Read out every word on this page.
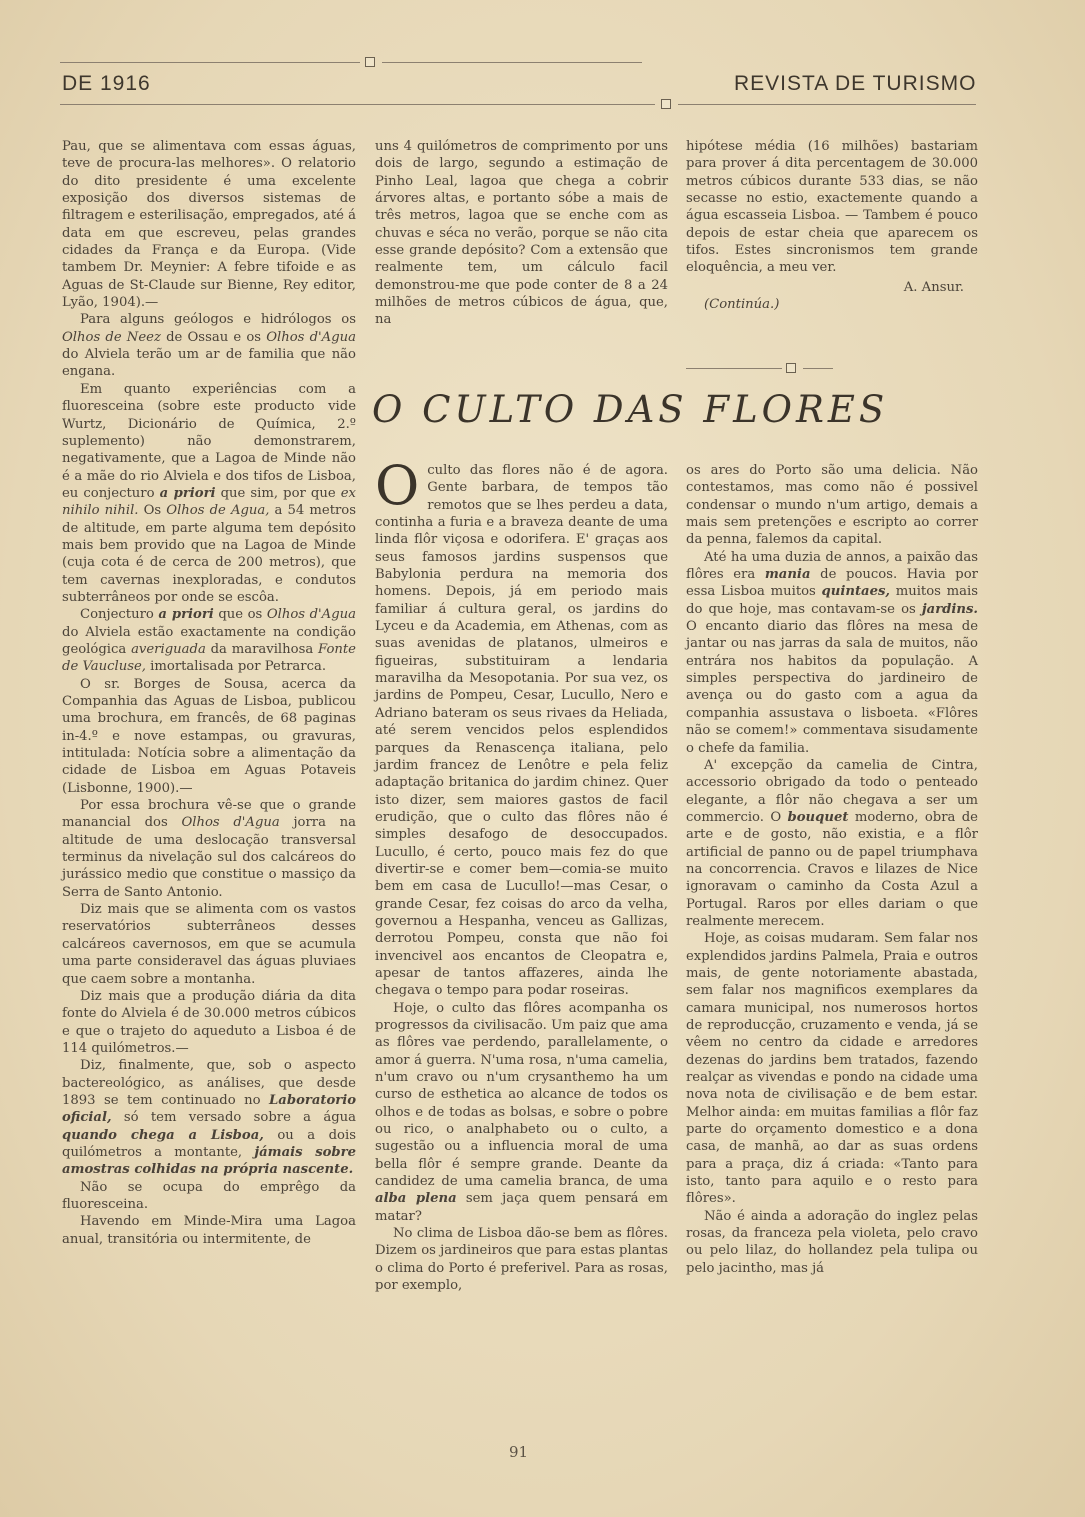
DE 1916	REVISTA DE TURISMO

Pau, que se alimentava com essas águas, teve de procura-las melhores». O relatorio do dito presidente é uma excelente exposição dos diversos sistemas de filtragem e esterilisação, empregados, até á data em que escreveu, pelas grandes cidades da França e da Europa. (Vide tambem Dr. Meynier: A febre tifoide e as Aguas de St-Claude sur Bienne, Rey editor, Lyão, 1904).—

Para alguns geólogos e hidrólogos os Olhos de Neez de Ossau e os Olhos d'Agua do Alviela terão um ar de familia que não engana.

Em quanto experiências com a fluoresceina (sobre este producto vide Wurtz, Dicionário de Química, 2.º suplemento) não demonstrarem, negativamente, que a Lagoa de Minde não é a mãe do rio Alviela e dos tifos de Lisboa, eu conjecturo a priori que sim, por que ex nihilo nihil. Os Olhos de Agua, a 54 metros de altitude, em parte alguma tem depósito mais bem provido que na Lagoa de Minde (cuja cota é de cerca de 200 metros), que tem cavernas inexploradas, e condutos subterrâneos por onde se escôa.

Conjecturo a priori que os Olhos d'Agua do Alviela estão exactamente na condição geológica averiguada da maravilhosa Fonte de Vaucluse, imortalisada por Petrarca.

O sr. Borges de Sousa, acerca da Companhia das Aguas de Lisboa, publicou uma brochura, em francês, de 68 paginas in-4.º e nove estampas, ou gravuras, intitulada: Notícia sobre a alimentação da cidade de Lisboa em Aguas Potaveis (Lisbonne, 1900).—

Por essa brochura vê-se que o grande manancial dos Olhos d'Agua jorra na altitude de uma deslocação transversal terminus da nivelação sul dos calcáreos do jurássico medio que constitue o massiço da Serra de Santo Antonio.

Diz mais que se alimenta com os vastos reservatórios subterrâneos desses calcáreos cavernosos, em que se acumula uma parte consideravel das águas pluviaes que caem sobre a montanha.

Diz mais que a produção diária da dita fonte do Alviela é de 30.000 metros cúbicos e que o trajeto do aqueduto a Lisboa é de 114 quilómetros.—

Diz, finalmente, que, sob o aspecto bactereológico, as análises, que desde 1893 se tem continuado no Laboratorio oficial, só tem versado sobre a água quando chega a Lisboa, ou a dois quilómetros a montante, jámais sobre amostras colhidas na própria nascente.

Não se ocupa do emprêgo da fluoresceina.

Havendo em Minde-Mira uma Lagoa anual, transitória ou intermitente, de

uns 4 quilómetros de comprimento por uns dois de largo, segundo a estimação de Pinho Leal, lagoa que chega a cobrir árvores altas, e portanto sóbe a mais de três metros, lagoa que se enche com as chuvas e séca no verão, porque se não cita esse grande depósito? Com a extensão que realmente tem, um cálculo facil demonstrou-me que pode conter de 8 a 24 milhões de metros cúbicos de água, que, na

hipótese média (16 milhões) bastariam para prover á dita percentagem de 30.000 metros cúbicos durante 533 dias, se não secasse no estio, exactemente quando a água escasseia Lisboa. — Tambem é pouco depois de estar cheia que aparecem os tifos. Estes sincronismos tem grande eloquência, a meu ver.

A. Ansur.

(Continúa.)

O CULTO DAS FLORES

Oculto das flores não é de agora. Gente barbara, de tempos tão remotos que se lhes perdeu a data, continha a furia e a braveza deante de uma linda flôr viçosa e odorifera. E' graças aos seus famosos jardins suspensos que Babylonia perdura na memoria dos homens. Depois, já em periodo mais familiar á cultura geral, os jardins do Lyceu e da Academia, em Athenas, com as suas avenidas de platanos, ulmeiros e figueiras, substituiram a lendaria maravilha da Mesopotania. Por sua vez, os jardins de Pompeu, Cesar, Lucullo, Nero e Adriano bateram os seus rivaes da Heliada, até serem vencidos pelos esplendidos parques da Renascença italiana, pelo jardim francez de Lenôtre e pela feliz adaptação britanica do jardim chinez. Quer isto dizer, sem maiores gastos de facil erudição, que o culto das flôres não é simples desafogo de desoccupados. Lucullo, é certo, pouco mais fez do que divertir-se e comer bem—comia-se muito bem em casa de Lucullo!—mas Cesar, o grande Cesar, fez coisas do arco da velha, governou a Hespanha, venceu as Gallizas, derrotou Pompeu, consta que não foi invencivel aos encantos de Cleopatra e, apesar de tantos affazeres, ainda lhe chegava o tempo para podar roseiras.

Hoje, o culto das flôres acompanha os progressos da civilisacão. Um paiz que ama as flôres vae perdendo, parallelamente, o amor á guerra. N'uma rosa, n'uma camelia, n'um cravo ou n'um crysanthemo ha um curso de esthetica ao alcance de todos os olhos e de todas as bolsas, e sobre o pobre ou rico, o analphabeto ou o culto, a sugestão ou a influencia moral de uma bella flôr é sempre grande. Deante da candidez de uma camelia branca, de uma alba plena sem jaça quem pensará em matar?

No clima de Lisboa dão-se bem as flôres. Dizem os jardineiros que para estas plantas o clima do Porto é preferivel. Para as rosas, por exemplo,

os ares do Porto são uma delicia. Não contestamos, mas como não é possivel condensar o mundo n'um artigo, demais a mais sem pretenções e escripto ao correr da penna, falemos da capital.

Até ha uma duzia de annos, a paixão das flôres era mania de poucos. Havia por essa Lisboa muitos quintaes, muitos mais do que hoje, mas contavam-se os jardins. O encanto diario das flôres na mesa de jantar ou nas jarras da sala de muitos, não entrára nos habitos da população. A simples perspectiva do jardineiro de avença ou do gasto com a agua da companhia assustava o lisboeta. «Flôres não se comem!» commentava sisudamente o chefe da familia.

A' excepção da camelia de Cintra, accessorio obrigado da todo o penteado elegante, a flôr não chegava a ser um commercio. O bouquet moderno, obra de arte e de gosto, não existia, e a flôr artificial de panno ou de papel triumphava na concorrencia. Cravos e lilazes de Nice ignoravam o caminho da Costa Azul a Portugal. Raros por elles dariam o que realmente merecem.

Hoje, as coisas mudaram. Sem falar nos explendidos jardins Palmela, Praia e outros mais, de gente notoriamente abastada, sem falar nos magnificos exemplares da camara municipal, nos numerosos hortos de reproducção, cruzamento e venda, já se vêem no centro da cidade e arredores dezenas do jardins bem tratados, fazendo realçar as vivendas e pondo na cidade uma nova nota de civilisação e de bem estar. Melhor ainda: em muitas familias a flôr faz parte do orçamento domestico e a dona casa, de manhã, ao dar as suas ordens para a praça, diz á criada: «Tanto para isto, tanto para aquilo e o resto para flôres».

Não é ainda a adoração do inglez pelas rosas, da franceza pela violeta, pelo cravo ou pelo lilaz, do hollandez pela tulipa ou pelo jacintho, mas já

91
